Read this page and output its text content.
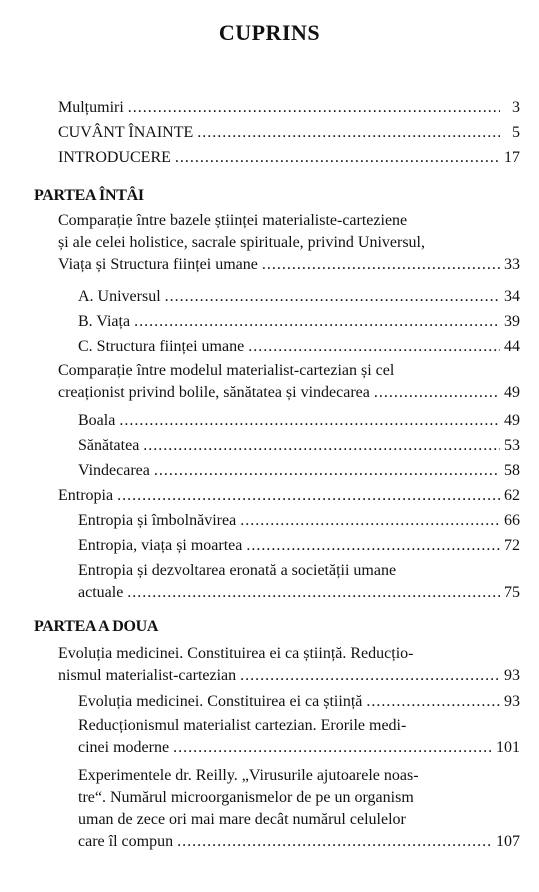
CUPRINS
Mulțumiri .....	3
CUVÂNT ÎNAINTE .....	5
INTRODUCERE .....	17
PARTEA ÎNTÂI
Comparație între bazele științei materialiste-carteziene
și ale celei holistice, sacrale spirituale, privind Universul,
Viața și Structura ființei umane .....	33
A. Universul .....	34
B. Viața .....	39
C. Structura ființei umane .....	44
Comparație între modelul materialist-cartezian și cel
creaționist privind bolile, sănătatea și vindecarea .....	49
Boala .....	49
Sănătatea .....	53
Vindecarea .....	58
Entropia .....	62
Entropia și îmbolnăvirea .....	66
Entropia, viața și moartea .....	72
Entropia și dezvoltarea eronată a societății umane
actuale .....	75
PARTEA A DOUA
Evoluția medicinei. Constituirea ei ca știință. Reducțio-
nismul materialist-cartezian .....	93
Evoluția medicinei. Constituirea ei ca știință .....	93
Reducționismul materialist cartezian. Erorile medi-
cinei moderne .....	101
Experimentele dr. Reilly. „Virusurile ajutoarele noas-
tre“. Numărul microorganismelor de pe un organism
uman de zece ori mai mare decât numărul celulelor
care îl compun .....	107
